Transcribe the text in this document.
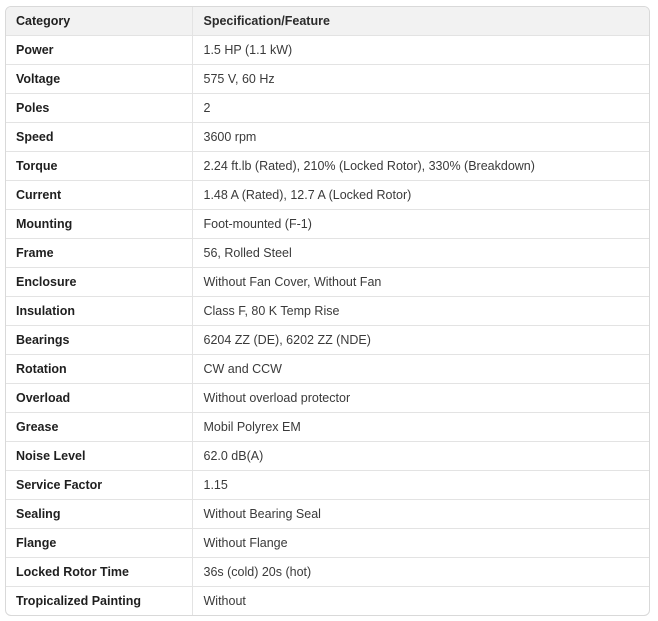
Category	Specification/Feature
Power	1.5 HP (1.1 kW)
Voltage	575 V, 60 Hz
Poles	2
Speed	3600 rpm
Torque	2.24 ft.lb (Rated), 210% (Locked Rotor), 330% (Breakdown)
Current	1.48 A (Rated), 12.7 A (Locked Rotor)
Mounting	Foot-mounted (F-1)
Frame	56, Rolled Steel
Enclosure	Without Fan Cover, Without Fan
Insulation	Class F, 80 K Temp Rise
Bearings	6204 ZZ (DE), 6202 ZZ (NDE)
Rotation	CW and CCW
Overload	Without overload protector
Grease	Mobil Polyrex EM
Noise Level	62.0 dB(A)
Service Factor	1.15
Sealing	Without Bearing Seal
Flange	Without Flange
Locked Rotor Time	36s (cold) 20s (hot)
Tropicalized Painting	Without
